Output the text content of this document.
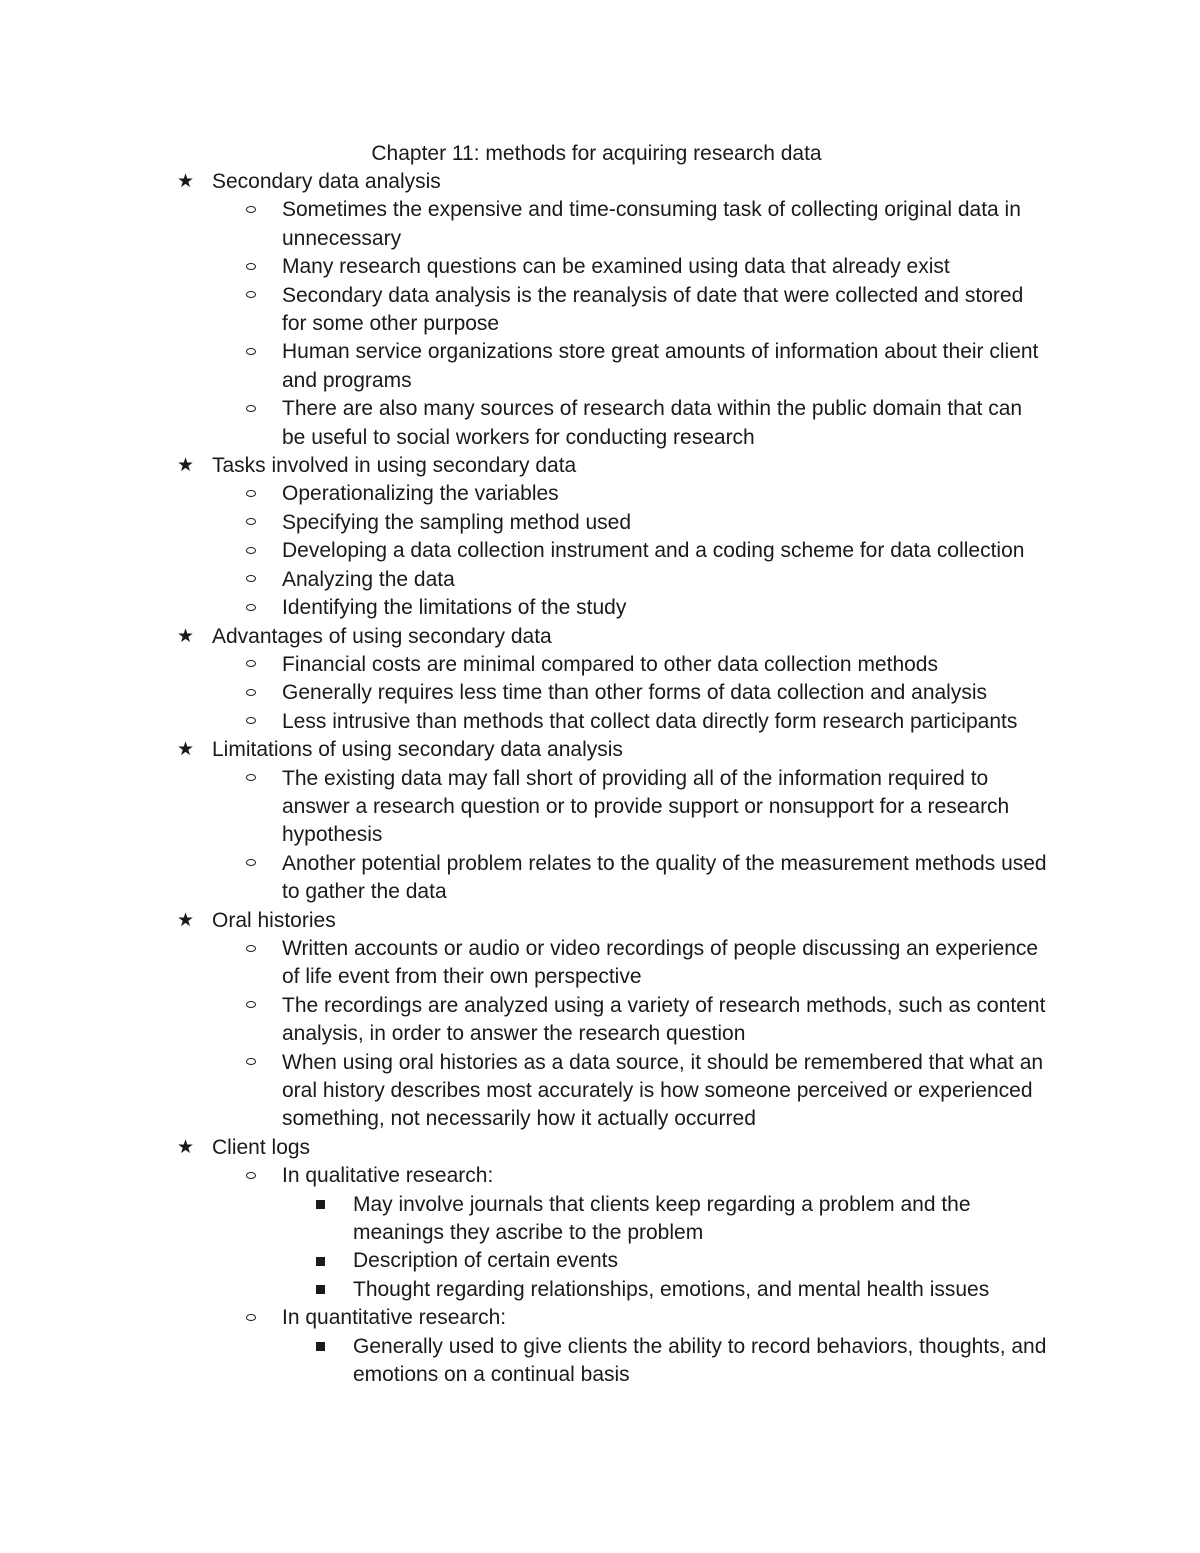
Chapter 11: methods for acquiring research data
★ Secondary data analysis
Sometimes the expensive and time-consuming task of collecting original data in unnecessary
Many research questions can be examined using data that already exist
Secondary data analysis is the reanalysis of date that were collected and stored for some other purpose
Human service organizations store great amounts of information about their client and programs
There are also many sources of research data within the public domain that can be useful to social workers for conducting research
★ Tasks involved in using secondary data
Operationalizing the variables
Specifying the sampling method used
Developing a data collection instrument and a coding scheme for data collection
Analyzing the data
Identifying the limitations of the study
★ Advantages of using secondary data
Financial costs are minimal compared to other data collection methods
Generally requires less time than other forms of data collection and analysis
Less intrusive than methods that collect data directly form research participants
★ Limitations of using secondary data analysis
The existing data may fall short of providing all of the information required to answer a research question or to provide support or nonsupport for a research hypothesis
Another potential problem relates to the quality of the measurement methods used to gather the data
★ Oral histories
Written accounts or audio or video recordings of people discussing an experience of life event from their own perspective
The recordings are analyzed using a variety of research methods, such as content analysis, in order to answer the research question
When using oral histories as a data source, it should be remembered that what an oral history describes most accurately is how someone perceived or experienced something, not necessarily how it actually occurred
★ Client logs
In qualitative research:
May involve journals that clients keep regarding a problem and the meanings they ascribe to the problem
Description of certain events
Thought regarding relationships, emotions, and mental health issues
In quantitative research:
Generally used to give clients the ability to record behaviors, thoughts, and emotions on a continual basis
